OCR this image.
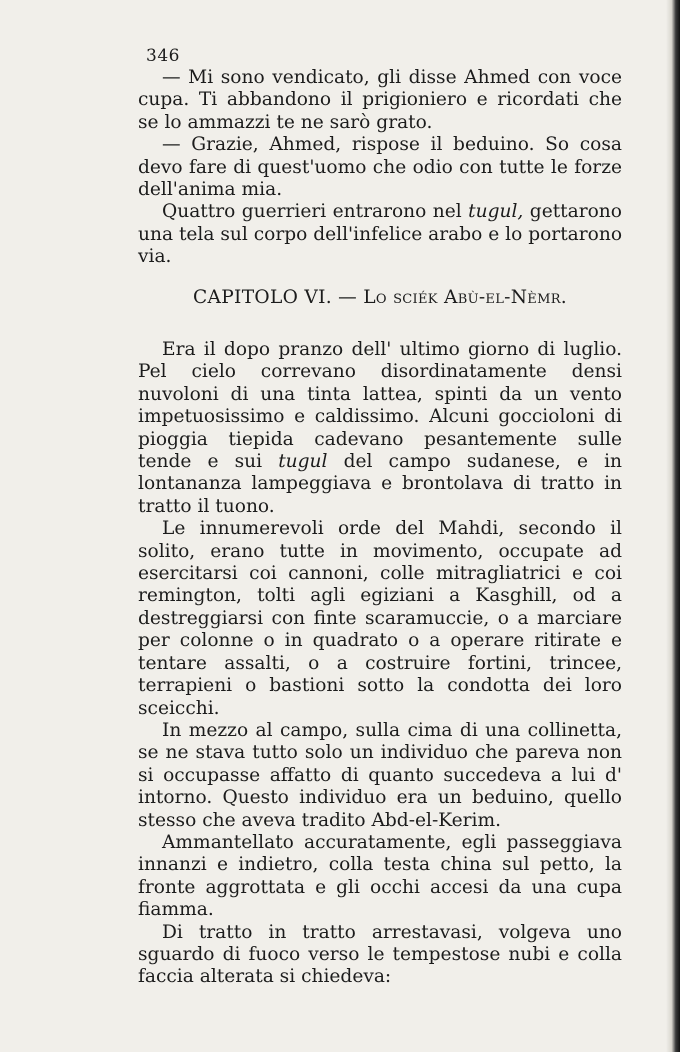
346

— Mi sono vendicato, gli disse Ahmed con voce cupa. Ti abbandono il prigioniero e ricordati che se lo ammazzi te ne sarò grato.

— Grazie, Ahmed, rispose il beduino. So cosa devo fare di quest'uomo che odio con tutte le forze dell'anima mia.

Quattro guerrieri entrarono nel tugul, gettarono una tela sul corpo dell'infelice arabo e lo portarono via.

CAPITOLO VI. — Lo sciék Abù-el-Nèmr.

Era il dopo pranzo dell' ultimo giorno di luglio. Pel cielo correvano disordinatamente densi nuvoloni di una tinta lattea, spinti da un vento impetuosissimo e caldissimo. Alcuni goccioloni di pioggia tiepida cadevano pesantemente sulle tende e sui tugul del campo sudanese, e in lontananza lampeggiava e brontolava di tratto in tratto il tuono.

Le innumerevoli orde del Mahdi, secondo il solito, erano tutte in movimento, occupate ad esercitarsi coi cannoni, colle mitragliatrici e coi remington, tolti agli egiziani a Kasghill, od a destreggiarsi con finte scaramuccie, o a marciare per colonne o in quadrato o a operare ritirate e tentare assalti, o a costruire fortini, trincee, terrapieni o bastioni sotto la condotta dei loro sceicchi.

In mezzo al campo, sulla cima di una collinetta, se ne stava tutto solo un individuo che pareva non si occupasse affatto di quanto succedeva a lui d' intorno. Questo individuo era un beduino, quello stesso che aveva tradito Abd-el-Kerim.

Ammantellato accuratamente, egli passeggiava innanzi e indietro, colla testa china sul petto, la fronte aggrottata e gli occhi accesi da una cupa fiamma.

Di tratto in tratto arrestavasi, volgeva uno sguardo di fuoco verso le tempestose nubi e colla faccia alterata si chiedeva:
